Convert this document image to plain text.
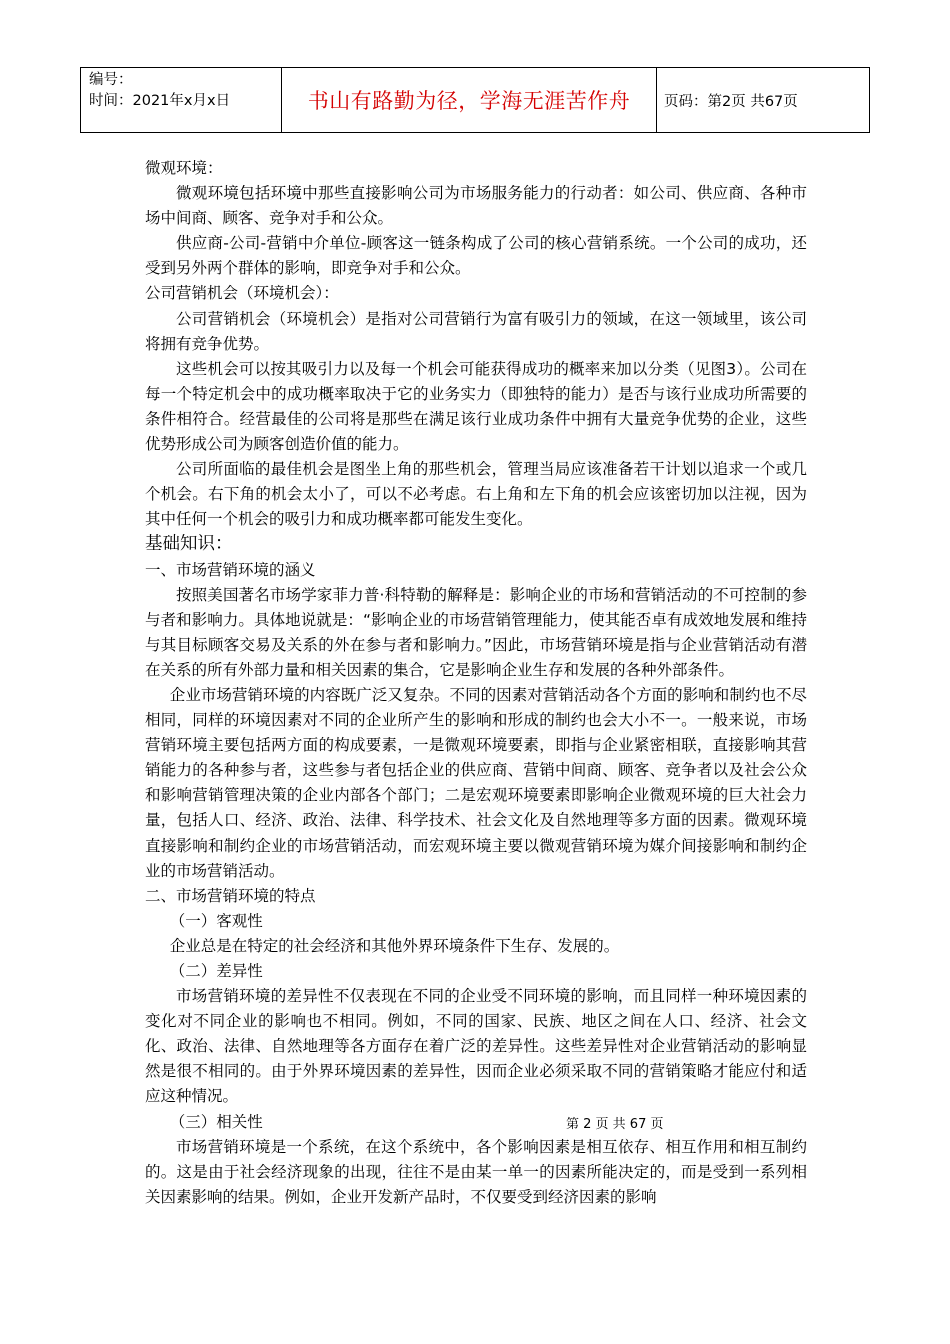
编号：
时间：2021年x月x日	书山有路勤为径，学海无涯苦作舟 页码：第2页 共67页

微观环境：

微观环境包括环境中那些直接影响公司为市场服务能力的行动者：如公司、供应商、各种市场中间商、顾客、竞争对手和公众。

供应商-公司-营销中介单位-顾客这一链条构成了公司的核心营销系统。一个公司的成功，还受到另外两个群体的影响，即竞争对手和公众。

公司营销机会（环境机会）：

公司营销机会（环境机会）是指对公司营销行为富有吸引力的领域，在这一领域里，该公司将拥有竞争优势。

这些机会可以按其吸引力以及每一个机会可能获得成功的概率来加以分类（见图3）。公司在每一个特定机会中的成功概率取决于它的业务实力（即独特的能力）是否与该行业成功所需要的条件相符合。经营最佳的公司将是那些在满足该行业成功条件中拥有大量竞争优势的企业，这些优势形成公司为顾客创造价值的能力。

公司所面临的最佳机会是图坐上角的那些机会，管理当局应该准备若干计划以追求一个或几个机会。右下角的机会太小了，可以不必考虑。右上角和左下角的机会应该密切加以注视，因为其中任何一个机会的吸引力和成功概率都可能发生变化。

基础知识：

一、市场营销环境的涵义

按照美国著名市场学家菲力普·科特勒的解释是：影响企业的市场和营销活动的不可控制的参与者和影响力。具体地说就是：“影响企业的市场营销管理能力，使其能否卓有成效地发展和维持与其目标顾客交易及关系的外在参与者和影响力。”因此，市场营销环境是指与企业营销活动有潜在关系的所有外部力量和相关因素的集合，它是影响企业生存和发展的各种外部条件。

企业市场营销环境的内容既广泛又复杂。不同的因素对营销活动各个方面的影响和制约也不尽相同，同样的环境因素对不同的企业所产生的影响和形成的制约也会大小不一。一般来说，市场营销环境主要包括两方面的构成要素，一是微观环境要素，即指与企业紧密相联，直接影响其营销能力的各种参与者，这些参与者包括企业的供应商、营销中间商、顾客、竞争者以及社会公众和影响营销管理决策的企业内部各个部门；二是宏观环境要素即影响企业微观环境的巨大社会力量，包括人口、经济、政治、法律、科学技术、社会文化及自然地理等多方面的因素。微观环境直接影响和制约企业的市场营销活动，而宏观环境主要以微观营销环境为媒介间接影响和制约企业的市场营销活动。

二、市场营销环境的特点

（一）客观性

企业总是在特定的社会经济和其他外界环境条件下生存、发展的。

（二）差异性

市场营销环境的差异性不仅表现在不同的企业受不同环境的影响，而且同样一种环境因素的变化对不同企业的影响也不相同。例如，不同的国家、民族、地区之间在人口、经济、社会文化、政治、法律、自然地理等各方面存在着广泛的差异性。这些差异性对企业营销活动的影响显然是很不相同的。由于外界环境因素的差异性，因而企业必须采取不同的营销策略才能应付和适应这种情况。

（三）相关性

市场营销环境是一个系统，在这个系统中，各个影响因素是相互依存、相互作用和相互制约的。这是由于社会经济现象的出现，往往不是由某一单一的因素所能决定的，而是受到一系列相关因素影响的结果。例如，企业开发新产品时，不仅要受到经济因素的影响

第 2 页 共 67 页
